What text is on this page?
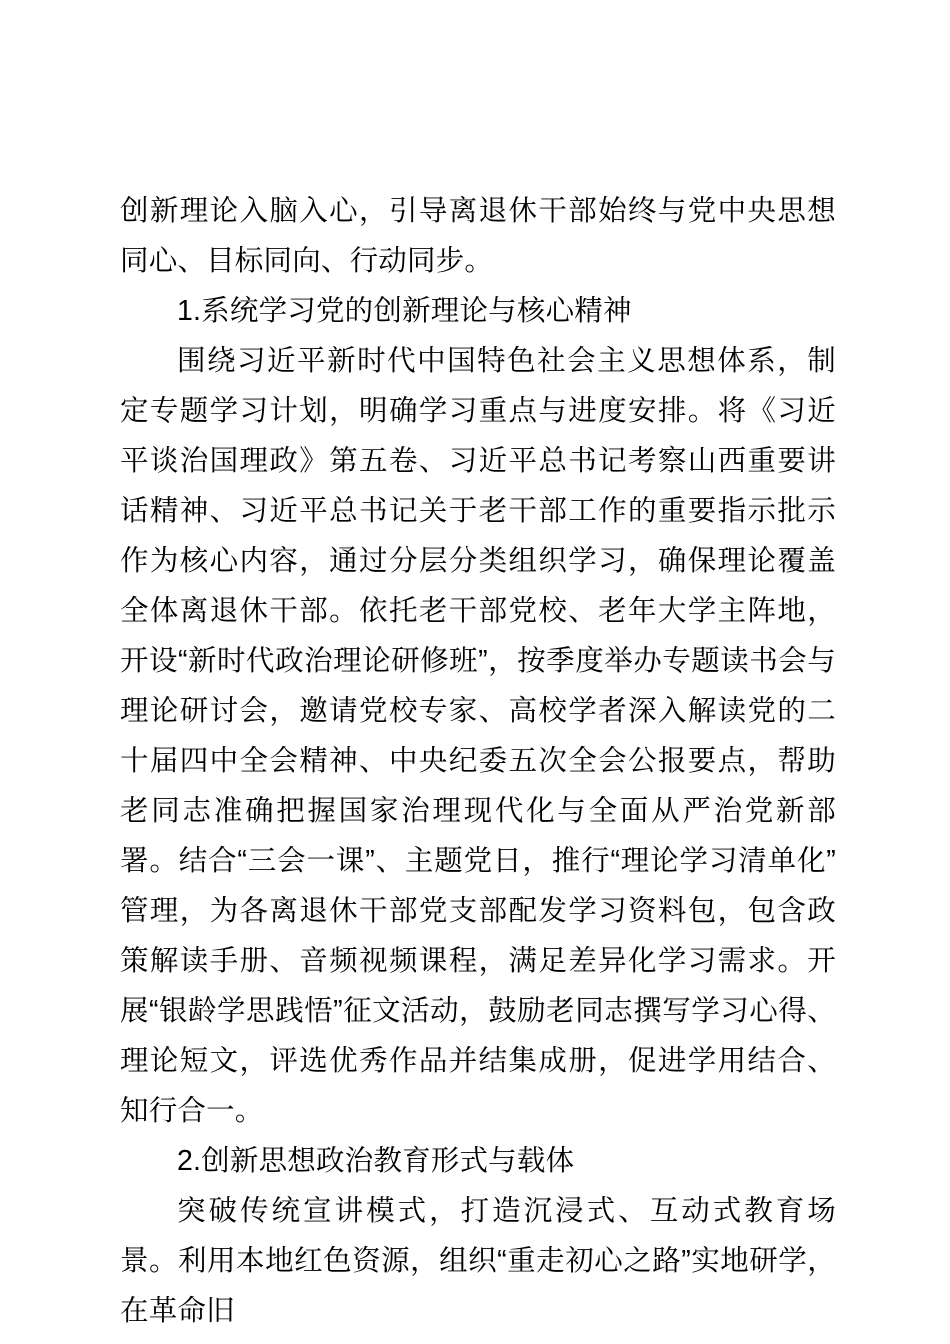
创新理论入脑入心，引导离退休干部始终与党中央思想同心、目标同向、行动同步。

1.系统学习党的创新理论与核心精神

围绕习近平新时代中国特色社会主义思想体系，制定专题学习计划，明确学习重点与进度安排。将《习近平谈治国理政》第五卷、习近平总书记考察山西重要讲话精神、习近平总书记关于老干部工作的重要指示批示作为核心内容，通过分层分类组织学习，确保理论覆盖全体离退休干部。依托老干部党校、老年大学主阵地，开设“新时代政治理论研修班”，按季度举办专题读书会与理论研讨会，邀请党校专家、高校学者深入解读党的二十届四中全会精神、中央纪委五次全会公报要点，帮助老同志准确把握国家治理现代化与全面从严治党新部署。结合“三会一课”、主题党日，推行“理论学习清单化”管理，为各离退休干部党支部配发学习资料包，包含政策解读手册、音频视频课程，满足差异化学习需求。开展“银龄学思践悟”征文活动，鼓励老同志撰写学习心得、理论短文，评选优秀作品并结集成册，促进学用结合、知行合一。

2.创新思想政治教育形式与载体

突破传统宣讲模式，打造沉浸式、互动式教育场景。利用本地红色资源，组织“重走初心之路”实地研学，在革命旧
